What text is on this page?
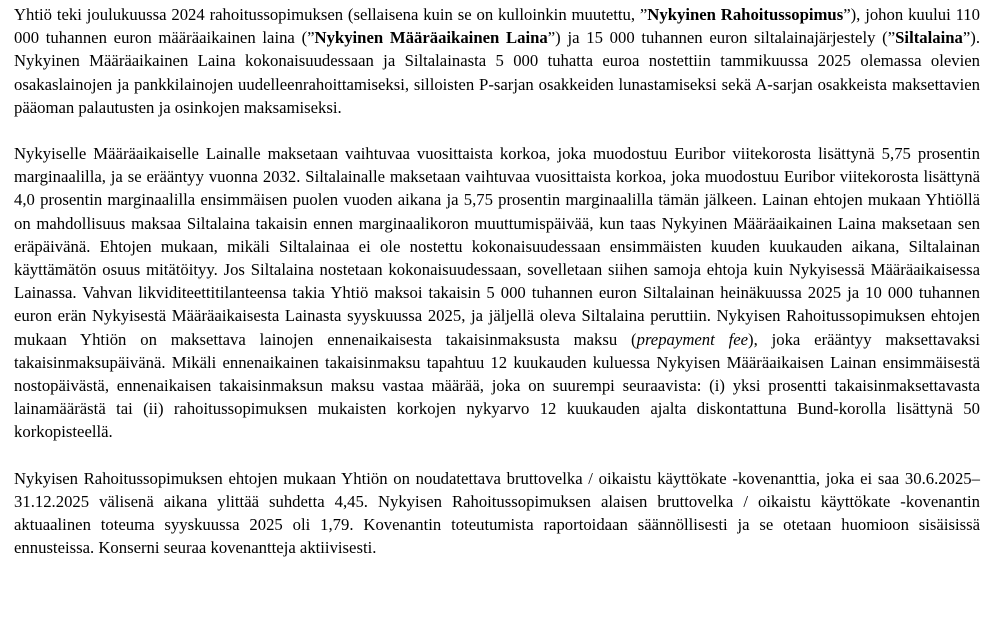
Yhtiö teki joulukuussa 2024 rahoitussopimuksen (sellaisena kuin se on kulloinkin muutettu, ”Nykyinen Rahoitussopimus”), johon kuului 110 000 tuhannen euron määräaikainen laina (”Nykyinen Määräaikainen Laina”) ja 15 000 tuhannen euron siltalainajärjestely (”Siltalaina”). Nykyinen Määräaikainen Laina kokonaisuudessaan ja Siltalainasta 5 000 tuhatta euroa nostettiin tammikuussa 2025 olemassa olevien osakaslainojen ja pankkilainojen uudelleenrahoittamiseksi, silloisten P-sarjan osakkeiden lunastamiseksi sekä A-sarjan osakkeista maksettavien pääoman palautusten ja osinkojen maksamiseksi.

Nykyiselle Määräaikaiselle Lainalle maksetaan vaihtuvaa vuosittaista korkoa, joka muodostuu Euribor viitekorosta lisättynä 5,75 prosentin marginaalilla, ja se erääntyy vuonna 2032. Siltalainalle maksetaan vaihtuvaa vuosittaista korkoa, joka muodostuu Euribor viitekorosta lisättynä 4,0 prosentin marginaalilla ensimmäisen puolen vuoden aikana ja 5,75 prosentin marginaalilla tämän jälkeen. Lainan ehtojen mukaan Yhtiöllä on mahdollisuus maksaa Siltalaina takaisin ennen marginaalikoron muuttumispäivää, kun taas Nykyinen Määräaikainen Laina maksetaan sen eräpäivänä. Ehtojen mukaan, mikäli Siltalainaa ei ole nostettu kokonaisuudessaan ensimmäisten kuuden kuukauden aikana, Siltalainan käyttämätön osuus mitätöityy. Jos Siltalaina nostetaan kokonaisuudessaan, sovelletaan siihen samoja ehtoja kuin Nykyisessä Määräaikaisessa Lainassa. Vahvan likviditeettitilanteensa takia Yhtiö maksoi takaisin 5 000 tuhannen euron Siltalainan heinäkuussa 2025 ja 10 000 tuhannen euron erän Nykyisestä Määräaikaisesta Lainasta syyskuussa 2025, ja jäljellä oleva Siltalaina peruttiin. Nykyisen Rahoitussopimuksen ehtojen mukaan Yhtiön on maksettava lainojen ennenaikaisesta takaisinmaksusta maksu (prepayment fee), joka erääntyy maksettavaksi takaisinmaksupäivänä. Mikäli ennenaikainen takaisinmaksu tapahtuu 12 kuukauden kuluessa Nykyisen Määräaikaisen Lainan ensimmäisestä nostopäivästä, ennenaikaisen takaisinmaksun maksu vastaa määrää, joka on suurempi seuraavista: (i) yksi prosentti takaisinmaksettavasta lainamäärästä tai (ii) rahoitussopimuksen mukaisten korkojen nykyarvo 12 kuukauden ajalta diskontattuna Bund-korolla lisättynä 50 korkopisteellä.

Nykyisen Rahoitussopimuksen ehtojen mukaan Yhtiön on noudatettava bruttovelka / oikaistu käyttökate -kovenanttia, joka ei saa 30.6.2025–31.12.2025 välisenä aikana ylittää suhdetta 4,45. Nykyisen Rahoitussopimuksen alaisen bruttovelka / oikaistu käyttökate -kovenantin aktuaalinen toteuma syyskuussa 2025 oli 1,79. Kovenantin toteutumista raportoidaan säännöllisesti ja se otetaan huomioon sisäisissä ennusteissa. Konserni seuraa kovenantteja aktiivisesti.
